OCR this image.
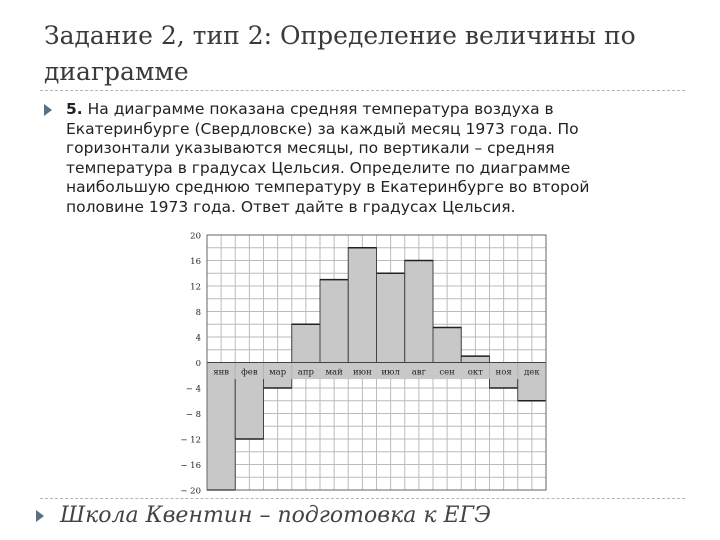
Задание 2, тип 2: Определение величины по диаграмме

5. На диаграмме показана средняя температура воздуха в Екатеринбурге (Свердловске) за каждый месяц 1973 года. По горизонтали указываются месяцы, по вертикали – средняя температура в градусах Цельсия. Определите по диаграмме наибольшую среднюю температуру в Екатеринбурге во второй половине 1973 года. Ответ дайте в градусах Цельсия.

янв фев мар апр май июн июл авг сен окт ноя дек
20
16
12
8
4
0
− 4
− 8
− 12
− 16
− 20
Школа Квентин – подготовка к ЕГЭ
